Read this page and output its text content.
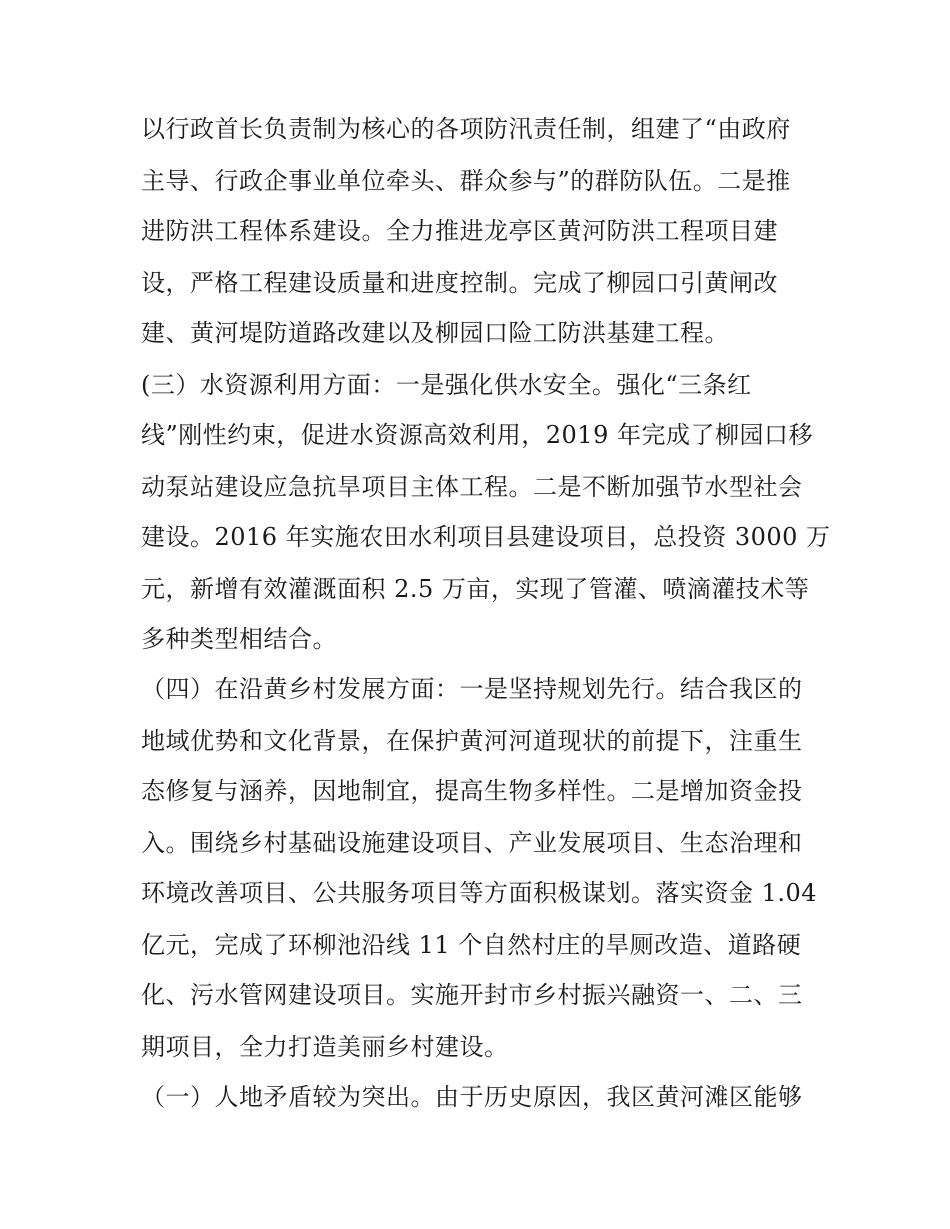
以行政首长负责制为核心的各项防汛责任制，组建了“由政府
主导、行政企事业单位牵头、群众参与”的群防队伍。二是推
进防洪工程体系建设。全力推进龙亭区黄河防洪工程项目建
设，严格工程建设质量和进度控制。完成了柳园口引黄闸改
建、黄河堤防道路改建以及柳园口险工防洪基建工程。
(三）水资源利用方面：一是强化供水安全。强化“三条红
线”刚性约束，促进水资源高效利用，2019 年完成了柳园口移
动泵站建设应急抗旱项目主体工程。二是不断加强节水型社会
建设。2016 年实施农田水利项目县建设项目，总投资 3000 万
元，新增有效灌溉面积 2.5 万亩，实现了管灌、喷滴灌技术等
多种类型相结合。
（四）在沿黄乡村发展方面：一是坚持规划先行。结合我区的
地域优势和文化背景，在保护黄河河道现状的前提下，注重生
态修复与涵养，因地制宜，提高生物多样性。二是增加资金投
入。围绕乡村基础设施建设项目、产业发展项目、生态治理和
环境改善项目、公共服务项目等方面积极谋划。落实资金 1.04
亿元，完成了环柳池沿线 11 个自然村庄的旱厕改造、道路硬
化、污水管网建设项目。实施开封市乡村振兴融资一、二、三
期项目，全力打造美丽乡村建设。
（一）人地矛盾较为突出。由于历史原因，我区黄河滩区能够
